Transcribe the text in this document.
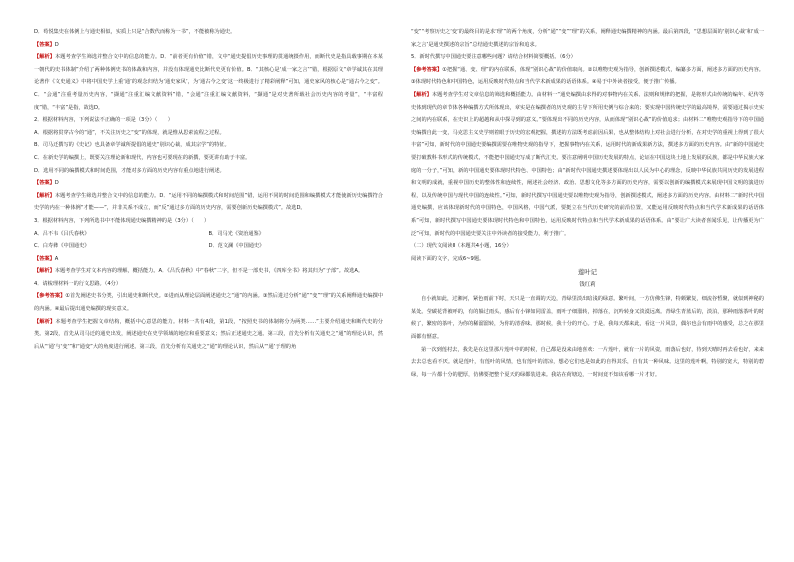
D．荀悦集史在体例上与通史相似，实质上只是“合数代而称为一书”，不能被称为通史。

【答案】D

【解析】本题考查学生筛选并整合文中的信息的能力。D．“前者更有价值”错，文中“通史提倡历史事理的贯通统摄作用，而断代史是指具载事期在本某一朝代的史书体制”介绍了两种体例史书的体裁和内容，并没有体现通史比断代史更有价值。B．“其核心是‘成一家之言’”错，根据原文“章学诚其在其理论著作《文史通义》中将中国史学上重‘通’的观念归结为‘通史家风’，为‘通古今之变’这一终极进行了精彩阐释”可知，通史家风的核心是“通古今之变”。C．“会通”注重考量历史内容，“撷通”注重汇编文献资料”错，“会通”注重汇编文献资料，“撷通”是对史著所载社会历史内容的考量”，“丰富程度”错，“丰富”是指，故选D。

2．根据材料内容，下列说法不正确的一项是（3分）（　　）

A．根据将贯穿古今的“通”，不关注历史之“变”的体现，就是惟从思索流程之过程。

B．司马迁撰写的《史记》也具备章学诚所提倡的通史“别识心裁，成其宗学”的特征。

C．在新史学的编撰上，既要关注理论新和现代，内容也可要现在的新撰，要更讲有助于丰富。

D．选用不同的编撰模式和时间范围，才能对多方面的历史内容有重点地进行阐述。

【答案】D

【解析】本题考查学生筛选并整合文中的信息的能力。D．“运用不同的编撰模式和时间范围”错，运用不同的时间范围和编撰模式才能使新历史编撰符合史学的内在一种体例“才能——”，并非关系不成立，而“反”通过多方面的历史内容，需要创新历史编撰模式”。故选D。

3．根据材料内容，下列所选书中不能体现通史编撰精神的是（3分）（　　）

A．吕不韦《吕氏春秋》	B．司马光《资治通鉴》
C．白寿彝《中国通史》	D．范文澜《中国通史》

【答案】A

【解析】本题考查学生对文本内容的理解，概括能力。A．《吕氏春秋》中“春秋”二字，但不是一部史书，《四库全书》将其归为“子部”。故选A。

4．请梳理材料一的行文思路。（4分）

【参考答案】①首先阐述史书分类，引出通史和断代史。②进而从理论层面阐述通史之“通”的内涵。③然后进过分析“通”“变”“理”的关系阐释通史编撰中的内涵。④最后提出通史编撰的现实意义。

【解析】本题考查学生把握文章结构，概括中心意思的能力。材料一共有4段，第1段，“按照史书的体制将分为两类……”主要介绍通史和断代史的分类。第2段，首先从司马迁的通史出发，阐述通史在史学领域的地位和重要意义；然后正述通史之通。第三段，首先分析有关通史之“通”的理论认识，然后从“‘通’与‘变’”和“通变”大的角度进行阐述。第三段，首先分析有关通史之“通”的理论认识，然后从“‘通’于理的角

“变”“考察历史之‘变’的最终目的是求‘理’”的两个角度，分析“通”“变”“理”的关系，阐释通史编撰精神的内涵。最后第四段，“思想层面的‘别识心裁’和‘成一家之言’是通史撰述的宗旨”总结通史撰述的宗旨和追求。

5．新时代撰写中国通史要注意哪些问题？请结合材料简要概括。（6分）

【参考答案】①把握“通、变、理”的内在联系，体现“别识心裁”的价值取向。②以唯物史观为指导，创新撰述模式，编纂多方面，阐述多方面的历史内容。③体现时代特色和中国特色，运用反映时代特点和当代学术新成果的话语体系。④易于中外读者接受，便于推广传播。

【解析】本题考查学生对文章信息的筛选和概括能力。由材料一“通史编撰由求得的对事物内在关系、法则和规律的把握，是将形式由传统的编年、纪传等史体到现代的章节体各种编撰方式所体现出，章实是在编撰者的历史观的主导下所用史例与综合来的；要实现中国传统史学的最高境界，需要通过揭示史实之间的内在联系，在史识上的超越和从中探寻到的意义。”要体现出不同的历史内容，从而体现“别识心裁”的价值追求；由材料二“唯物史观指导下的中国通史编撰自此一变，马克思主义史学则着眼于历史的宏观把握，撰述的方法既考虑前因后果，也从整体结构上对社会进行分析，在对史学的重视上得到了很大丰富”可知，新时代的中国通史要编撰需要在唯物史观的指导下，把握事物内在关系，运用时代的新成果新方法，撰述多方面的历史内容。由“新的中国通史要打破教科书形式的传统模式，不能把中国通史写成了断代汇史。要注意阐明中国历史发展的特点，论证在中国这块土地上发展的民族，都是中华民族大家庭的一分子，”可知，新的中国通史要体现时代特色、中国特色；由“新时代中国通史撰述要体现出以人民为中心的理念，反映中华民族共同历史的发展进程和文明的成就，重视中国历史的整体性和连续性，阐述社会经济、政治、思想文化等多方面的历史内容，需要以创新的编撰模式来展现中国文明的演进历程，以及传统中国与现代中国的连续性。”可知，新时代撰写中国通史要以唯物史观为指导，创新撰述模式，阐述多方面的历史内容。由材料二“新时代中国通史编撰，应该体现新时代的中国特色，中国风格，中国气派，要挺立在当代历史研究的前沿位置，又能运用反映时代特点和当代学术新成果的话语体系”可知，新时代撰写中国通史要体现时代特色和中国特色，运用反映时代特点和当代学术新成果的话语体系。由“要让广大读者喜闻乐见，让传播更为广泛”可知，新时代的中国通史要关注中外读者的接受能力，利于推广。

（二）现代文阅读Ⅱ（本题共4小题，16分）

阅读下面的文字，完成6~9题。

莲叶记
钱红莉

自小就如此，过湘河，紧色雨前下时，天只是一直调的天边，青绿里淡出暗浅的绿意。繁叶间，一方仿佛生锋，特颇繁复，细流谷暂聚，就似到神秘的某处。莹碳花背被呼的，有的躲过雨头，感后有小锋如同雷盖，雨叶子细溜转，掉落在，沉吟转身又淡漠远离。青绿生青蓝后的，淡泊，那种雨落茶叶的时候了，繁密的茶叶，为你的稀溜溜转，为你的清香味。那时候，我十分的开心。于是，我每天都来此，看这一片风景，偶尔也会有雨中的感受，总之在那里面都有惬意。

第一次到莲村去，我先是在这里那片莲叶中的时候，自己都是没来由地喜欢：一片莲叶，就有一片的风姿，雨落后也好，待到天晴时再去看也好，来来去去总也看不厌。就是莲叶，有莲叶的风情，也有莲叶的清凉，想必它们也是如此的自得其乐，自有其一种风味。这里的莲叶啊，特别的宽大，特别的碧绿，每一片都十分的肥厚，仿佛要把整个夏天的绿都装进来。我站在荷塘边，一时间竟不知该看哪一片才好。
